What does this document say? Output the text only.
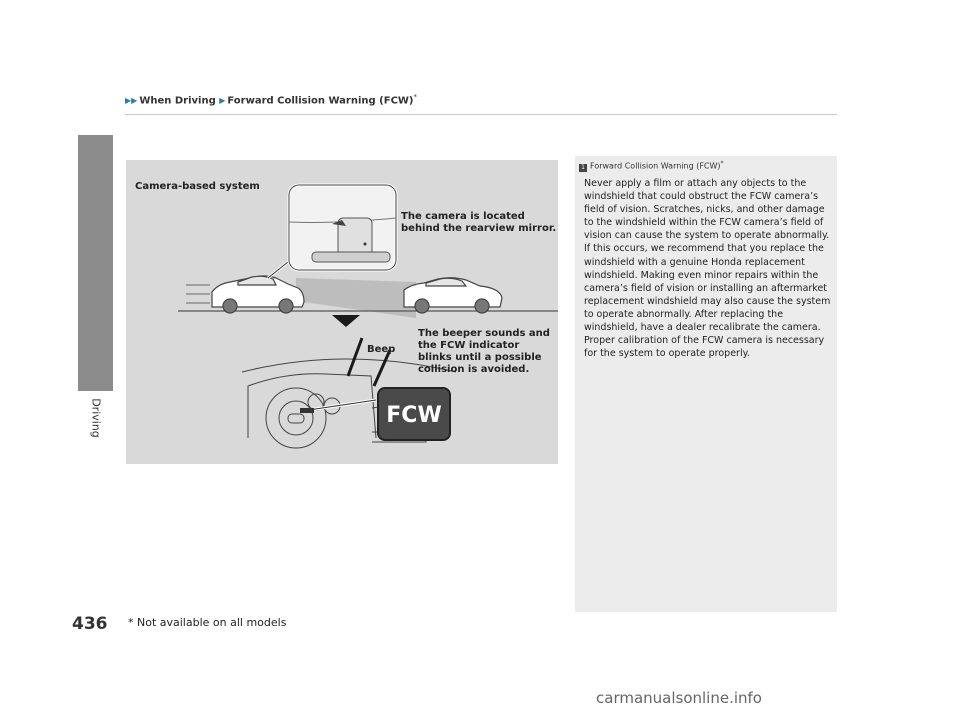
▶▶ When Driving ▶ Forward Collision Warning (FCW)*
Driving	FCW
Camera-based system
The camera is located behind the rearview mirror.
Beep
The beeper sounds and the FCW indicator blinks until a possible collision is avoided.
1 Forward Collision Warning (FCW)*
Never apply a film or attach any objects to the windshield that could obstruct the FCW camera’s field of vision. Scratches, nicks, and other damage to the windshield within the FCW camera’s field of vision can cause the system to operate abnormally. If this occurs, we recommend that you replace the windshield with a genuine Honda replacement windshield. Making even minor repairs within the camera’s field of vision or installing an aftermarket replacement windshield may also cause the system to operate abnormally. After replacing the windshield, have a dealer recalibrate the camera. Proper calibration of the FCW camera is necessary for the system to operate properly.
436 * Not available on all models
carmanualsonline.info
